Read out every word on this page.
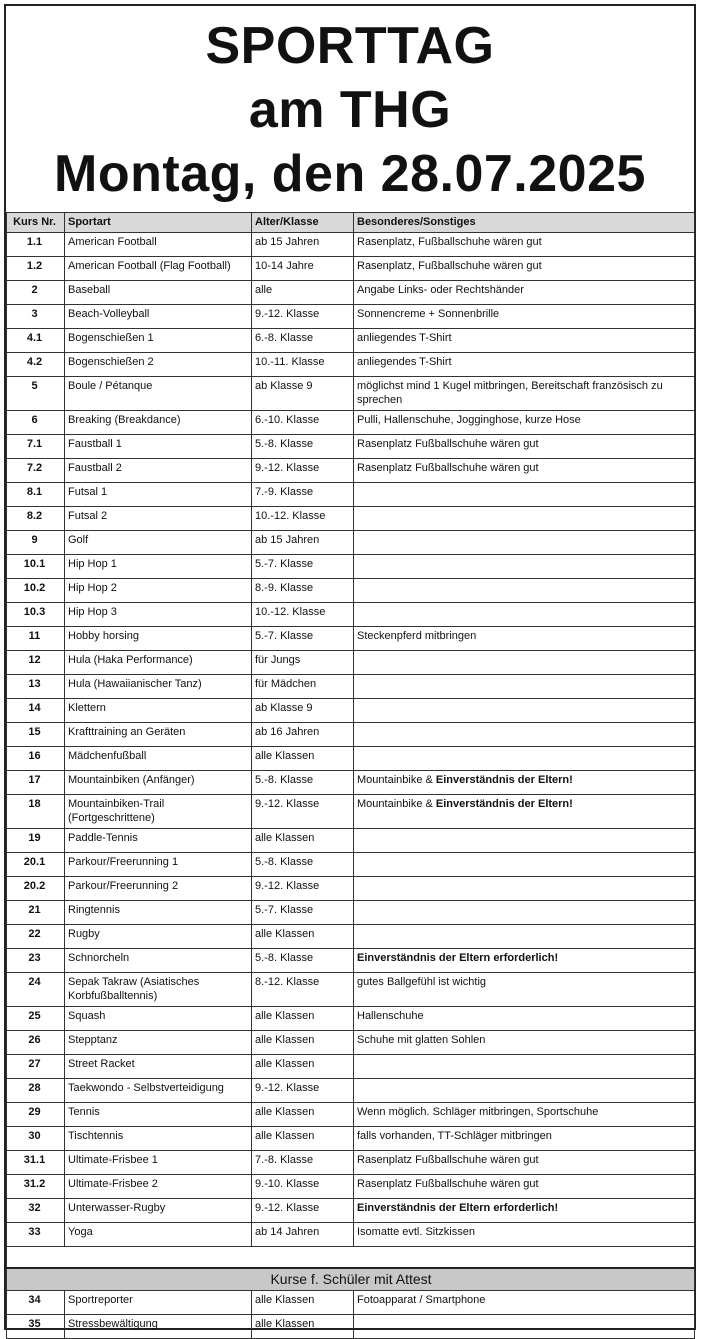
SPORTTAG
am THG
Montag, den 28.07.2025
Kurs Nr.	Sportart	Alter/Klasse	Besonderes/Sonstiges
1.1	American Football	ab 15 Jahren	Rasenplatz, Fußballschuhe wären gut
1.2	American Football (Flag Football)	10-14 Jahre	Rasenplatz, Fußballschuhe wären gut
2	Baseball	alle	Angabe Links- oder Rechtshänder
3	Beach-Volleyball	9.-12. Klasse	Sonnencreme + Sonnenbrille
4.1	Bogenschießen 1	6.-8. Klasse	anliegendes T-Shirt
4.2	Bogenschießen 2	10.-11. Klasse	anliegendes T-Shirt
5	Boule / Pétanque	ab Klasse 9	möglichst mind 1 Kugel mitbringen, Bereitschaft französisch zu sprechen
6	Breaking (Breakdance)	6.-10. Klasse	Pulli, Hallenschuhe, Jogginghose, kurze Hose
7.1	Faustball 1	5.-8. Klasse	Rasenplatz Fußballschuhe wären gut
7.2	Faustball 2	9.-12. Klasse	Rasenplatz Fußballschuhe wären gut
8.1	Futsal 1	7.-9. Klasse	
8.2	Futsal 2	10.-12. Klasse	
9	Golf	ab 15 Jahren	
10.1	Hip Hop 1	5.-7. Klasse	
10.2	Hip Hop 2	8.-9. Klasse	
10.3	Hip Hop 3	10.-12. Klasse	
11	Hobby horsing	5.-7. Klasse	Steckenpferd mitbringen
12	Hula (Haka Performance)	für Jungs	
13	Hula (Hawaiianischer Tanz)	für Mädchen	
14	Klettern	ab Klasse 9	
15	Krafttraining an Geräten	ab 16 Jahren	
16	Mädchenfußball	alle Klassen	
17	Mountainbiken (Anfänger)	5.-8. Klasse	Mountainbike & Einverständnis der Eltern!
18	Mountainbiken-Trail (Fortgeschrittene)	9.-12. Klasse	Mountainbike & Einverständnis der Eltern!
19	Paddle-Tennis	alle Klassen	
20.1	Parkour/Freerunning 1	5.-8. Klasse	
20.2	Parkour/Freerunning 2	9.-12. Klasse	
21	Ringtennis	5.-7. Klasse	
22	Rugby	alle Klassen	
23	Schnorcheln	5.-8. Klasse	Einverständnis der Eltern erforderlich!
24	Sepak Takraw (Asiatisches Korbfußballtennis)	8.-12. Klasse	gutes Ballgefühl ist wichtig
25	Squash	alle Klassen	Hallenschuhe
26	Stepptanz	alle Klassen	Schuhe mit glatten Sohlen
27	Street Racket	alle Klassen	
28	Taekwondo - Selbstverteidigung	9.-12. Klasse	
29	Tennis	alle Klassen	Wenn möglich. Schläger mitbringen, Sportschuhe
30	Tischtennis	alle Klassen	falls vorhanden, TT-Schläger mitbringen
31.1	Ultimate-Frisbee 1	7.-8. Klasse	Rasenplatz Fußballschuhe wären gut
31.2	Ultimate-Frisbee 2	9.-10. Klasse	Rasenplatz Fußballschuhe wären gut
32	Unterwasser-Rugby	9.-12. Klasse	Einverständnis der Eltern erforderlich!
33	Yoga	ab 14 Jahren	Isomatte evtl. Sitzkissen

Kurse f. Schüler mit Attest			
34	Sportreporter	alle Klassen	Fotoapparat / Smartphone
35	Stressbewältigung	alle Klassen	
